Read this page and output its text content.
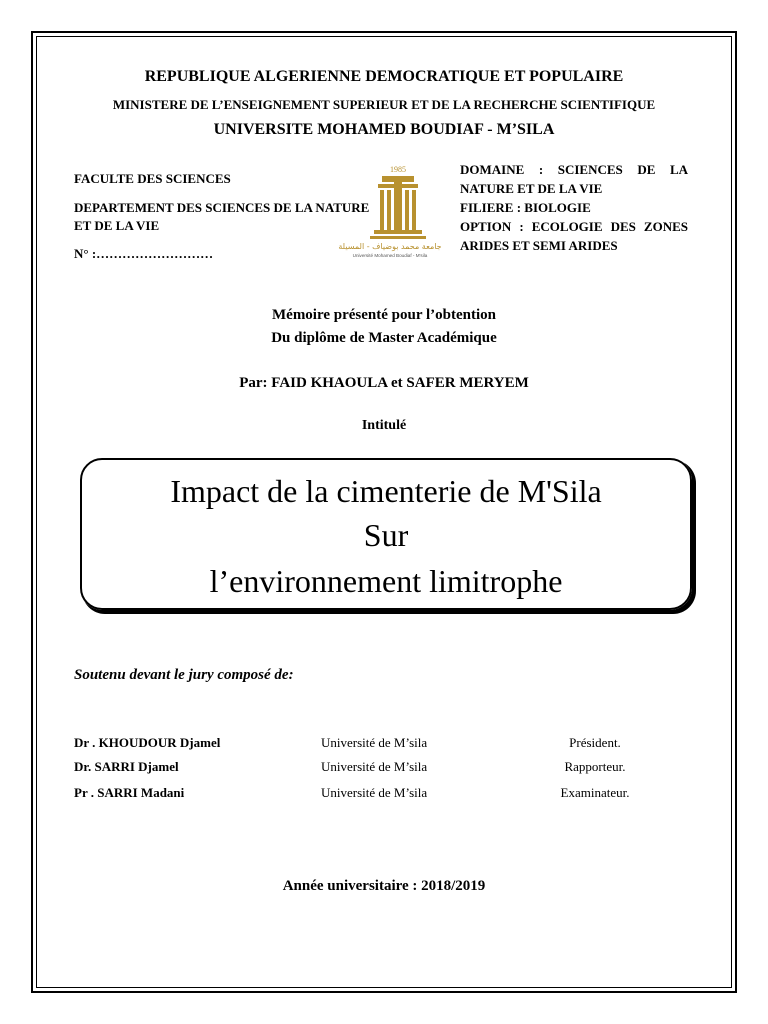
REPUBLIQUE ALGERIENNE DEMOCRATIQUE ET POPULAIRE
MINISTERE DE L’ENSEIGNEMENT SUPERIEUR ET DE LA RECHERCHE SCIENTIFIQUE
UNIVERSITE MOHAMED BOUDIAF - M’SILA
FACULTE DES SCIENCES
DEPARTEMENT DES SCIENCES DE LA NATURE ET DE LA VIE
N° :………………………
1985
جامعة محمد بوضياف - المسيلة
Université Mohamed Boudiaf - M'sila
DOMAINE : SCIENCES DE LA NATURE ET DE LA VIE
FILIERE : BIOLOGIE
OPTION : ECOLOGIE DES ZONES ARIDES ET SEMI ARIDES
Mémoire présenté pour l’obtention
Du diplôme de Master Académique
Par: FAID KHAOULA et SAFER MERYEM
Intitulé
Impact de la cimenterie de M'Sila
Sur
l’environnement limitrophe
Soutenu devant le jury composé de:
Dr . KHOUDOUR Djamel	Université de M’sila	Président.
Dr. SARRI Djamel	Université de M’sila	Rapporteur.
Pr . SARRI Madani	Université de M’sila	Examinateur.
Année universitaire : 2018/2019
